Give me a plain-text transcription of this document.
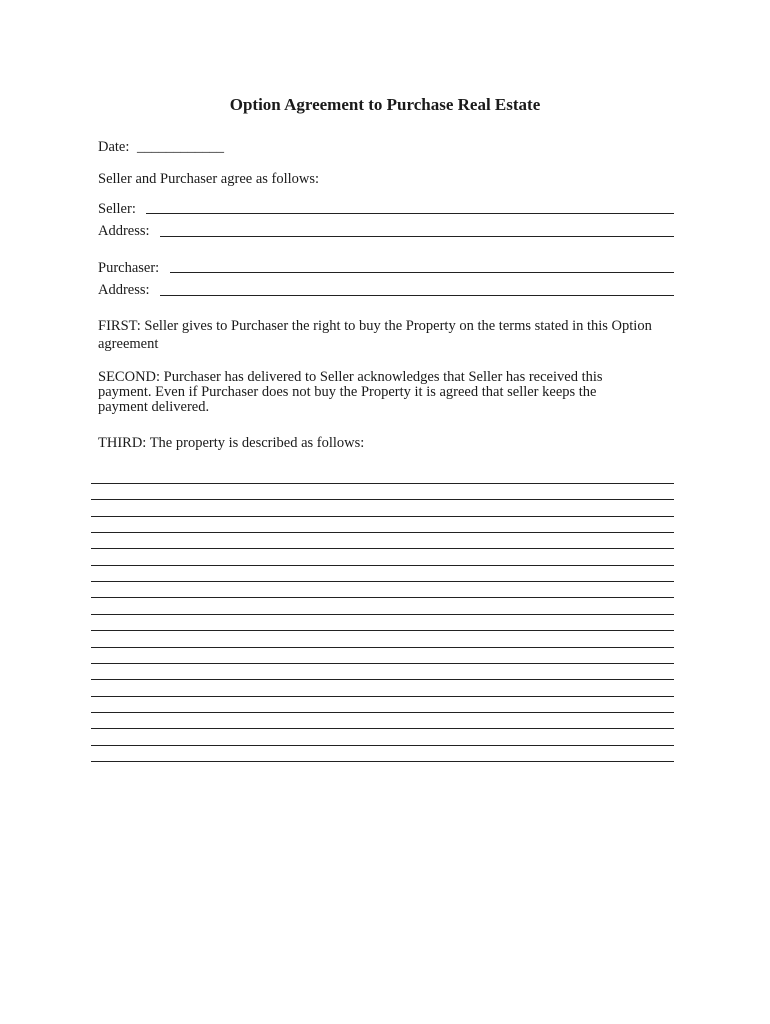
Option Agreement to Purchase Real Estate
Date: ____________
Seller and Purchaser agree as follows:
Seller:
Address:
Purchaser:
Address:
FIRST: Seller gives to Purchaser the right to buy the Property on the terms stated in this Option agreement
SECOND: Purchaser has delivered to Seller acknowledges that Seller has received this payment. Even if Purchaser does not buy the Property it is agreed that seller keeps the payment delivered.
THIRD: The property is described as follows:
